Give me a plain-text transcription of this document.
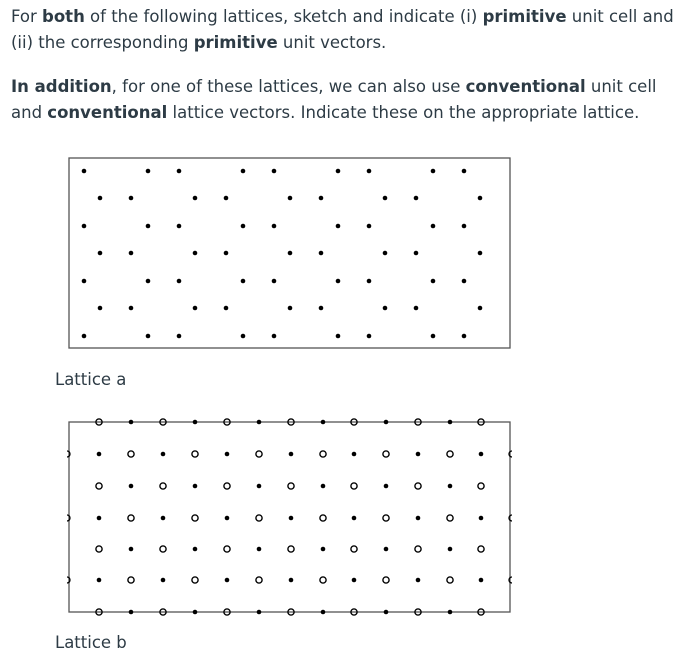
For both of the following lattices, sketch and indicate (i) primitive unit cell and (ii) the corresponding primitive unit vectors.

In addition, for one of these lattices, we can also use conventional unit cell and conventional lattice vectors. Indicate these on the appropriate lattice.

Lattice a
Lattice b
